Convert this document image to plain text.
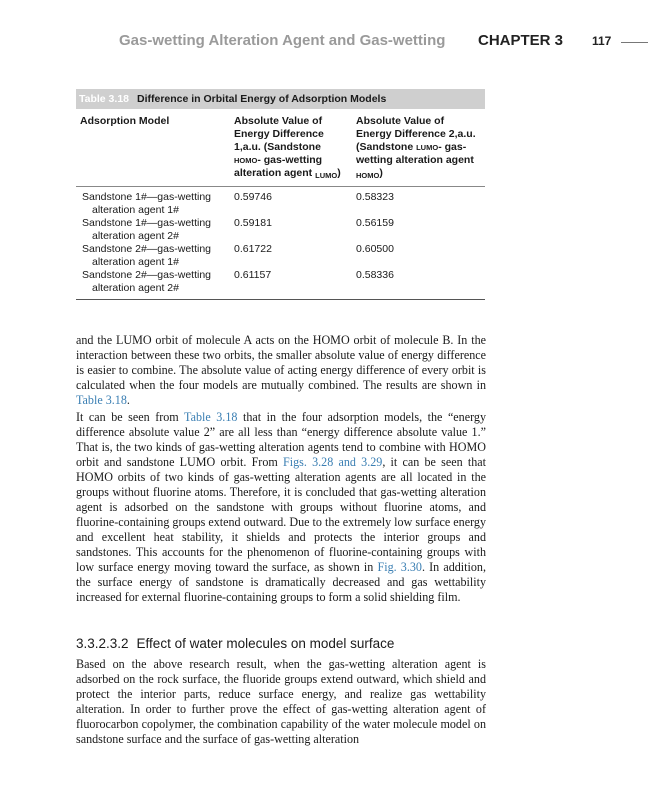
Gas-wetting Alteration Agent and Gas-wetting CHAPTER 3 117
Table 3.18 Difference in Orbital Energy of Adsorption Models
Adsorption Model	Absolute Value of Energy Difference 1,a.u. (Sandstone HOMO- gas-wetting alteration agent $_{LUMO}$)	Absolute Value of Energy Difference 2,a.u. (Sandstone LUMO- gas-wetting alteration agent $_{HOMO}$)
Sandstone 1#—gas-wetting
alteration agent 1#	0.59746	0.58323
Sandstone 1#—gas-wetting
alteration agent 2#	0.59181	0.56159
Sandstone 2#—gas-wetting
alteration agent 1#	0.61722	0.60500
Sandstone 2#—gas-wetting
alteration agent 2#	0.61157	0.58336

and the LUMO orbit of molecule A acts on the HOMO orbit of molecule B. In the interaction between these two orbits, the smaller absolute value of energy difference is easier to combine. The absolute value of acting energy difference of every orbit is calculated when the four models are mutually combined. The results are shown in Table 3.18.

It can be seen from Table 3.18 that in the four adsorption models, the “energy difference absolute value 2” are all less than “energy difference absolute value 1.” That is, the two kinds of gas-wetting alteration agents tend to combine with HOMO orbit and sandstone LUMO orbit. From Figs. 3.28 and 3.29, it can be seen that HOMO orbits of two kinds of gas-wetting alteration agents are all located in the groups without fluorine atoms. Therefore, it is concluded that gas-wetting alteration agent is adsorbed on the sandstone with groups without fluorine atoms, and fluorine-containing groups extend outward. Due to the extremely low surface energy and excellent heat stability, it shields and protects the interior groups and sandstones. This accounts for the phenomenon of fluorine-containing groups with low surface energy moving toward the surface, as shown in Fig. 3.30. In addition, the surface energy of sandstone is dramatically decreased and gas wettability increased for external fluorine-containing groups to form a solid shielding film.

3.3.2.3.2 Effect of water molecules on model surface

Based on the above research result, when the gas-wetting alteration agent is adsorbed on the rock surface, the fluoride groups extend outward, which shield and protect the interior parts, reduce surface energy, and realize gas wettability alteration. In order to further prove the effect of gas-wetting alteration agent of fluorocarbon copolymer, the combination capability of the water molecule model on sandstone surface and the surface of gas-wetting alteration
